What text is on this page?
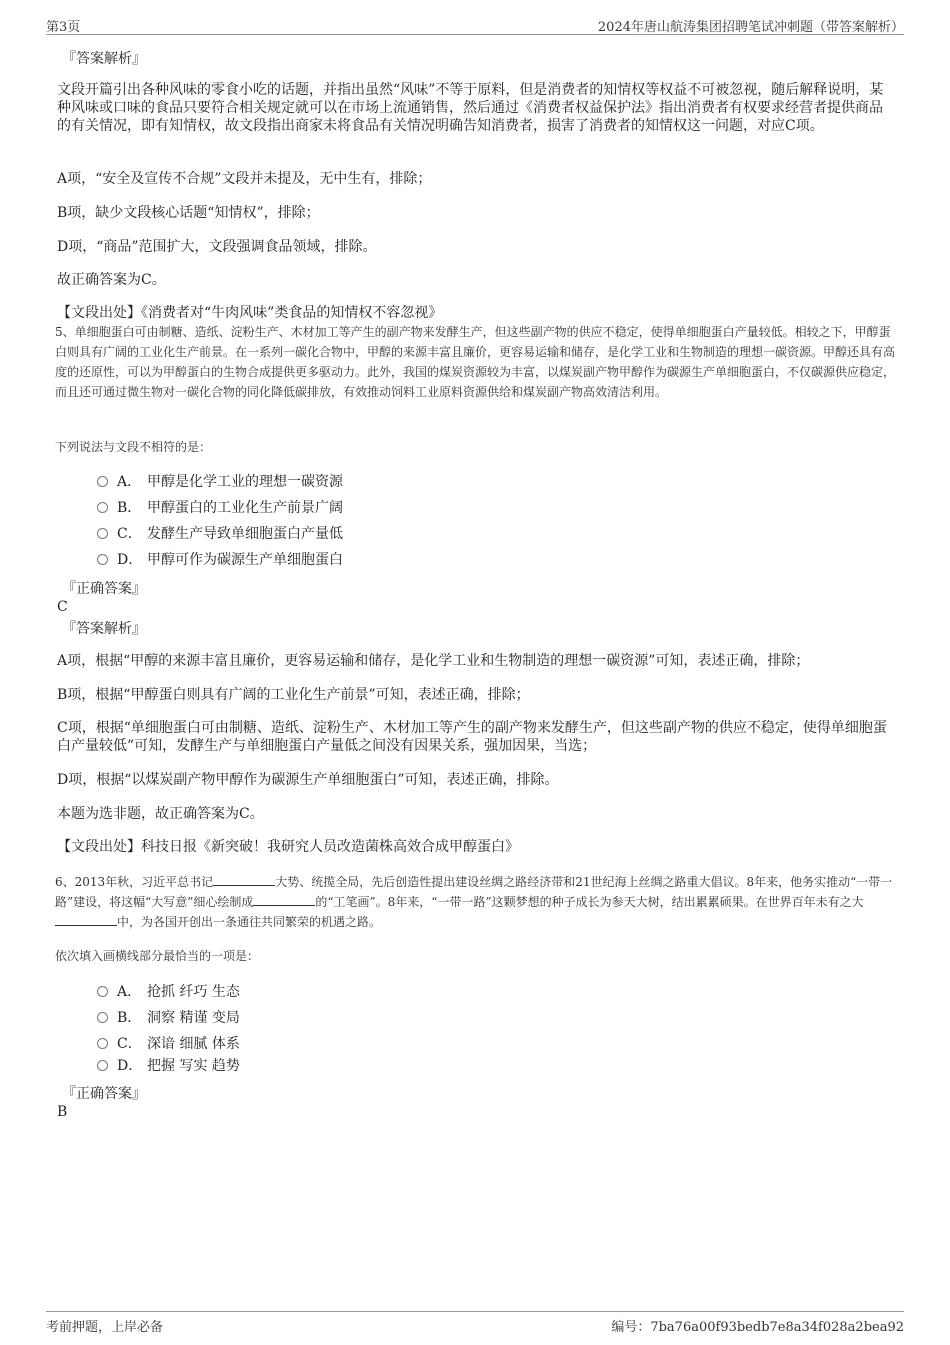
第3页	2024年唐山航涛集团招聘笔试冲刺题（带答案解析）
『答案解析』
文段开篇引出各种风味的零食小吃的话题，并指出虽然“风味”不等于原料，但是消费者的知情权等权益不可被忽视，随后解释说明，某种风味或口味的食品只要符合相关规定就可以在市场上流通销售，然后通过《消费者权益保护法》指出消费者有权要求经营者提供商品的有关情况，即有知情权，故文段指出商家未将食品有关情况明确告知消费者，损害了消费者的知情权这一问题，对应C项。
A项，“安全及宣传不合规”文段并未提及，无中生有，排除；
B项，缺少文段核心话题“知情权”，排除；
D项，“商品”范围扩大，文段强调食品领域，排除。
故正确答案为C。
【文段出处】《消费者对“牛肉风味”类食品的知情权不容忽视》
5、单细胞蛋白可由制糖、造纸、淀粉生产、木材加工等产生的副产物来发酵生产，但这些副产物的供应不稳定，使得单细胞蛋白产量较低。相较之下，甲醇蛋白则具有广阔的工业化生产前景。在一系列一碳化合物中，甲醇的来源丰富且廉价，更容易运输和储存，是化学工业和生物制造的理想一碳资源。甲醇还具有高度的还原性，可以为甲醇蛋白的生物合成提供更多驱动力。此外，我国的煤炭资源较为丰富，以煤炭副产物甲醇作为碳源生产单细胞蛋白，不仅碳源供应稳定，而且还可通过微生物对一碳化合物的同化降低碳排放，有效推动饲料工业原料资源供给和煤炭副产物高效清洁利用。
下列说法与文段不相符的是：
A． 甲醇是化学工业的理想一碳资源
B． 甲醇蛋白的工业化生产前景广阔
C． 发酵生产导致单细胞蛋白产量低
D． 甲醇可作为碳源生产单细胞蛋白
『正确答案』
C
『答案解析』
A项，根据“甲醇的来源丰富且廉价，更容易运输和储存，是化学工业和生物制造的理想一碳资源”可知，表述正确，排除；
B项，根据“甲醇蛋白则具有广阔的工业化生产前景”可知，表述正确，排除；
C项，根据“单细胞蛋白可由制糖、造纸、淀粉生产、木材加工等产生的副产物来发酵生产，但这些副产物的供应不稳定，使得单细胞蛋白产量较低”可知，发酵生产与单细胞蛋白产量低之间没有因果关系，强加因果，当选；
D项，根据“以煤炭副产物甲醇作为碳源生产单细胞蛋白”可知，表述正确，排除。
本题为选非题，故正确答案为C。
【文段出处】科技日报《新突破！我研究人员改造菌株高效合成甲醇蛋白》
6、2013年秋，习近平总书记	大势、统揽全局，先后创造性提出建设丝绸之路经济带和21世纪海上丝绸之路重大倡议。8年来，他务实推动“一带一路”建设，将这幅“大写意”细心绘制成	的“工笔画”。8年来，“一带一路”这颗梦想的种子成长为参天大树，结出累累硕果。在世界百年未有之大中，为各国开创出一条通往共同繁荣的机遇之路。
依次填入画横线部分最恰当的一项是：
A． 抢抓 纤巧 生态
B． 洞察 精谨 变局
C． 深谙 细腻 体系
D． 把握 写实 趋势
『正确答案』
B
考前押题，上岸必备	编号：7ba76a00f93bedb7e8a34f028a2bea92
